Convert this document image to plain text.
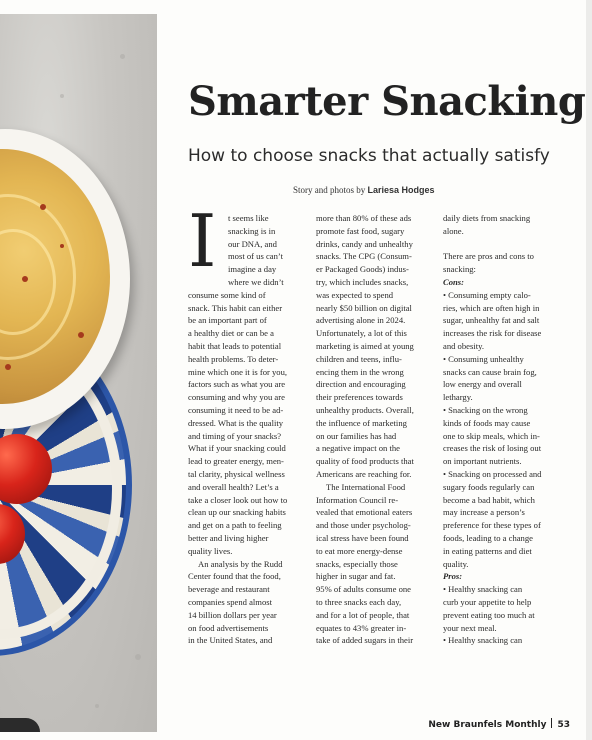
Smarter Snacking

How to choose snacks that actually satisfy

Story and photos by Lariesa Hodges

I	t seems like
snacking is in
our DNA, and
most of us can’t
imagine a day
where we didn’t
consume some kind of
snack. This habit can either
be an important part of
a healthy diet or can be a
habit that leads to potential
health problems. To deter-
mine which one it is for you,
factors such as what you are
consuming and why you are
consuming it need to be ad-
dressed. What is the quality
and timing of your snacks?
What if your snacking could
lead to greater energy, men-
tal clarity, physical wellness
and overall health? Let’s a
take a closer look out how to
clean up our snacking habits
and get on a path to feeling
better and living higher
quality lives.
An analysis by the Rudd
Center found that the food,
beverage and restaurant
companies spend almost
14 billion dollars per year
on food advertisements
in the United States, and
more than 80% of these ads
promote fast food, sugary
drinks, candy and unhealthy
snacks. The CPG (Consum-
er Packaged Goods) indus-
try, which includes snacks,
was expected to spend
nearly $50 billion on digital
advertising alone in 2024.
Unfortunately, a lot of this
marketing is aimed at young
children and teens, influ-
encing them in the wrong
direction and encouraging
their preferences towards
unhealthy products. Overall,
the influence of marketing
on our families has had
a negative impact on the
quality of food products that
Americans are reaching for.
The International Food
Information Council re-
vealed that emotional eaters
and those under psycholog-
ical stress have been found
to eat more energy-dense
snacks, especially those
higher in sugar and fat.
95% of adults consume one
to three snacks each day,
and for a lot of people, that
equates to 43% greater in-
take of added sugars in their
daily diets from snacking
alone.
There are pros and cons to
snacking:
Cons:
• Consuming empty calo-
ries, which are often high in
sugar, unhealthy fat and salt
increases the risk for disease
and obesity.
• Consuming unhealthy
snacks can cause brain fog,
low energy and overall
lethargy.
• Snacking on the wrong
kinds of foods may cause
one to skip meals, which in-
creases the risk of losing out
on important nutrients.
• Snacking on processed and
sugary foods regularly can
become a bad habit, which
may increase a person’s
preference for these types of
foods, leading to a change
in eating patterns and diet
quality.
Pros:
• Healthy snacking can
curb your appetite to help
prevent eating too much at
your next meal.
• Healthy snacking can
New Braunfels Monthly 53
